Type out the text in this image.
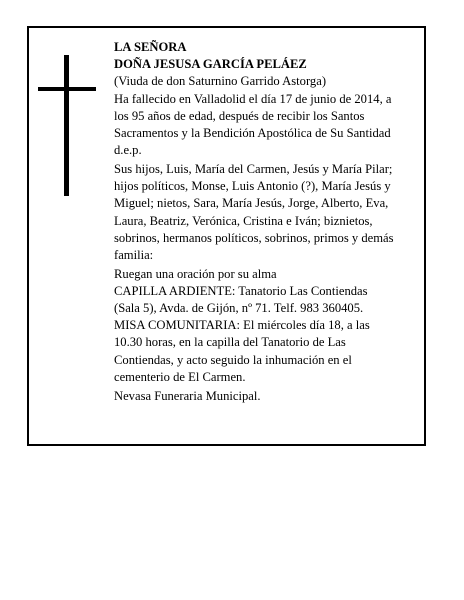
LA SEÑORA

DOÑA JESUSA GARCÍA PELÁEZ

(Viuda de don Saturnino Garrido Astorga)

Ha fallecido en Valladolid el día 17 de junio de 2014, a

los 95 años de edad, después de recibir los Santos

Sacramentos y la Bendición Apostólica de Su Santidad

d.e.p.

Sus hijos, Luis, María del Carmen, Jesús y María Pilar;

hijos políticos, Monse, Luis Antonio (?), María Jesús y

Miguel; nietos, Sara, María Jesús, Jorge, Alberto, Eva,

Laura, Beatriz, Verónica, Cristina e Iván; biznietos,

sobrinos, hermanos políticos, sobrinos, primos y demás

familia:

Ruegan una oración por su alma

CAPILLA ARDIENTE: Tanatorio Las Contiendas

(Sala 5), Avda. de Gijón, nº 71. Telf. 983 360405.

MISA COMUNITARIA: El miércoles día 18, a las

10.30 horas, en la capilla del Tanatorio de Las

Contiendas, y acto seguido la inhumación en el

cementerio de El Carmen.

Nevasa Funeraria Municipal.
